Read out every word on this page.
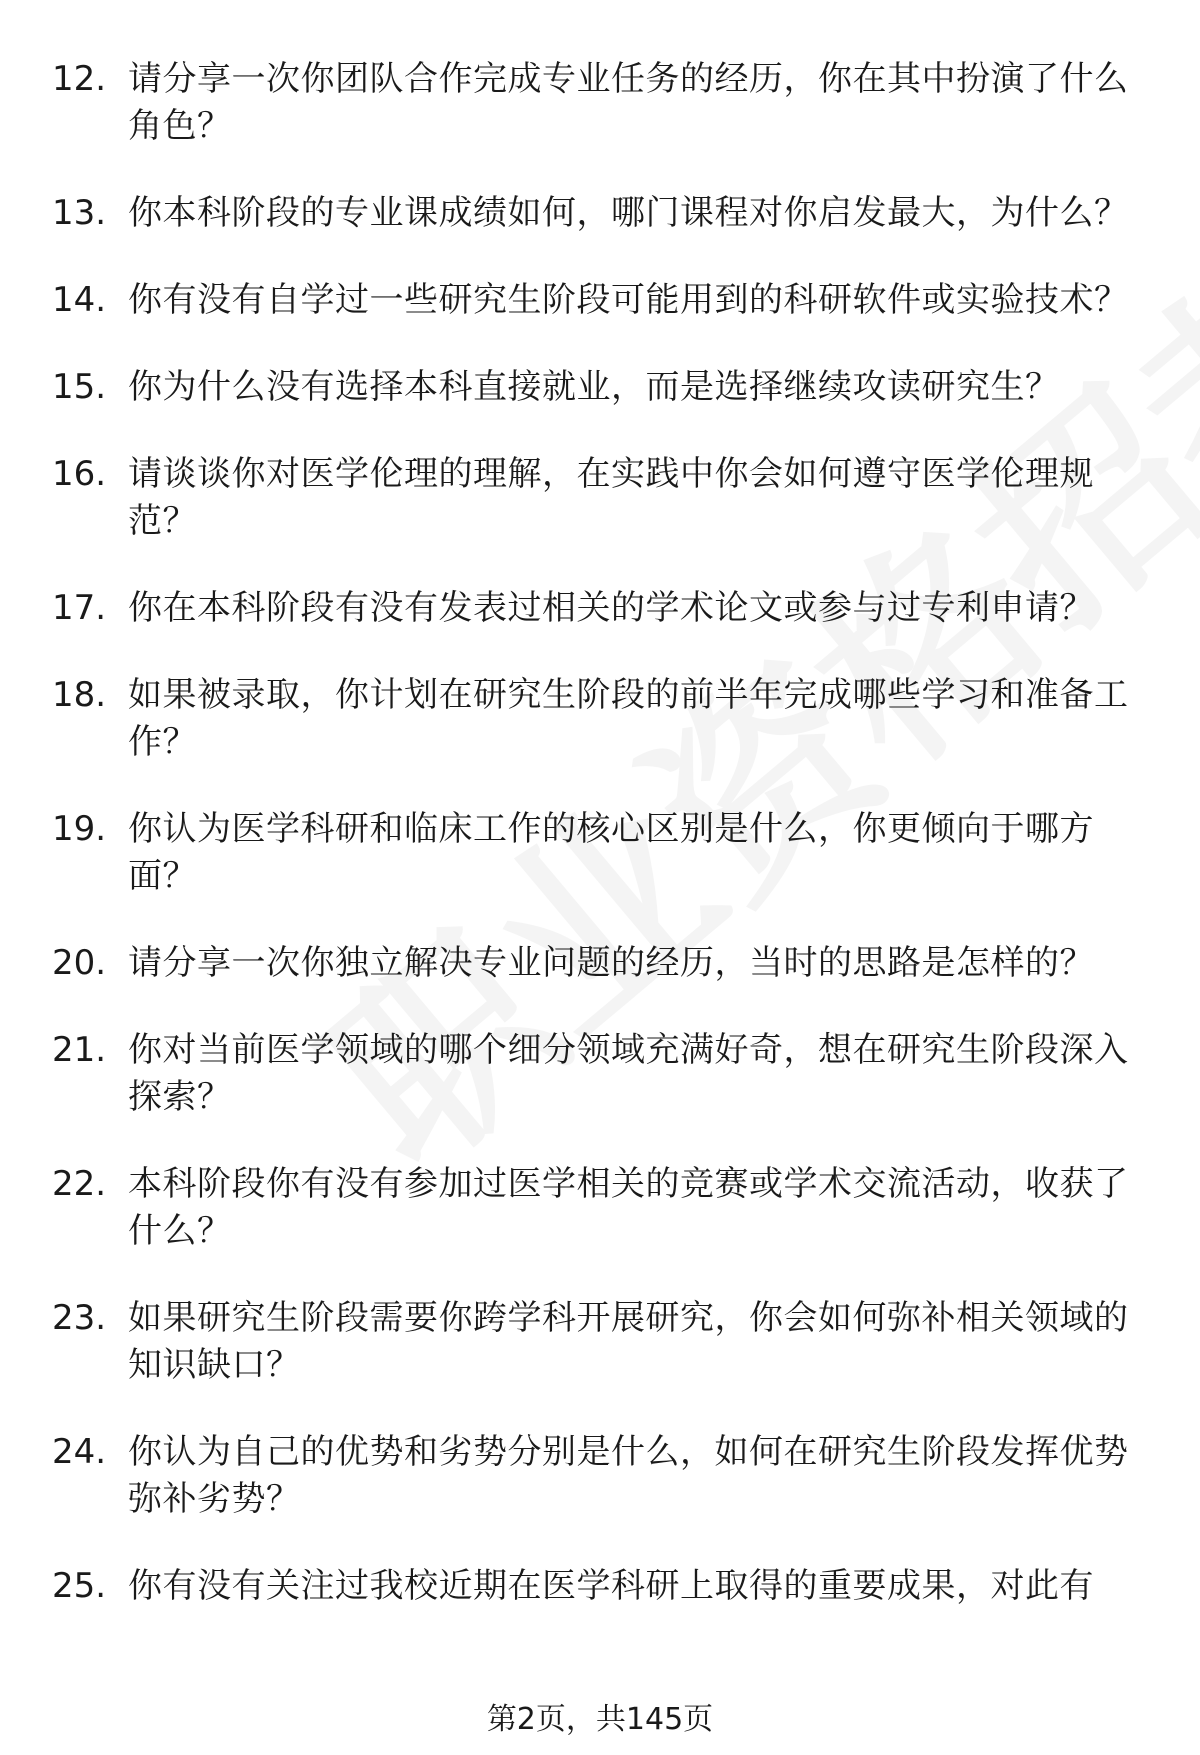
12. 请分享一次你团队合作完成专业任务的经历，你在其中扮演了什么角色？
13. 你本科阶段的专业课成绩如何，哪门课程对你启发最大，为什么？
14. 你有没有自学过一些研究生阶段可能用到的科研软件或实验技术？
15. 你为什么没有选择本科直接就业，而是选择继续攻读研究生？
16. 请谈谈你对医学伦理的理解，在实践中你会如何遵守医学伦理规范？
17. 你在本科阶段有没有发表过相关的学术论文或参与过专利申请？
18. 如果被录取，你计划在研究生阶段的前半年完成哪些学习和准备工作？
19. 你认为医学科研和临床工作的核心区别是什么，你更倾向于哪方面？
20. 请分享一次你独立解决专业问题的经历，当时的思路是怎样的？
21. 你对当前医学领域的哪个细分领域充满好奇，想在研究生阶段深入探索？
22. 本科阶段你有没有参加过医学相关的竞赛或学术交流活动，收获了什么？
23. 如果研究生阶段需要你跨学科开展研究，你会如何弥补相关领域的知识缺口？
24. 你认为自己的优势和劣势分别是什么，如何在研究生阶段发挥优势弥补劣势？
25. 你有没有关注过我校近期在医学科研上取得的重要成果，对此有
第2页，共145页
